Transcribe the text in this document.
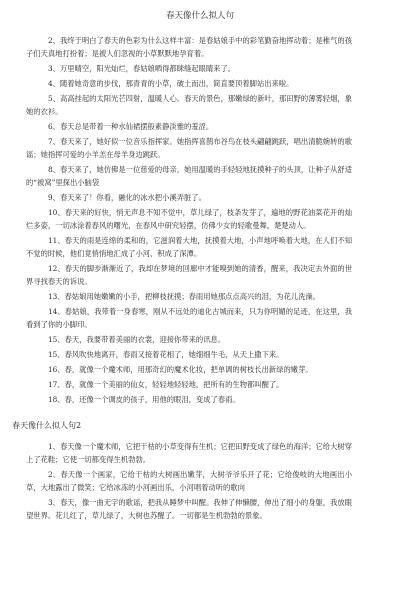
春天像什么拟人句

2、我终于明白了春天的色彩为什么这样丰富：是春姑娘手中的彩笔勤奋地挥动着；是稚气的孩子们天真地打扮着；是被人们忽视的小草默默地孕育着。

3、万里晴空，阳光灿烂，春姑娘哂得都眯缝起眼睛来了。

4、随着她奇意的步伐，那青青的小草，破土而出，简直要顶着脚站出来啦。

5、高高挂起的太阳光芒四射，温暖人心。春天的景色，那嫩绿的新叶，那田野的薄雾轻烟，象她的衣衫。

6、春天总是带着一种水仙裙摆般素静淡雅的羞涩。

7、春天来了，她好似一位音乐指挥家。她指挥喜鹊布谷鸟在枝头翩翩跳跃，唱出清脆婉转的歌谣；她指挥可爱的小羊羔在母羊身边跳跃。

8、春天来了，她仿佛是一位慈爱的母亲，她用温暖的手轻轻地抚摸种子的头顶，让种子从舒适的“被窝”里探出小脑袋

9、春天来了！你看，融化的冰水把小溪弄脏了。

10、春天来的好快，悄无声息不知不觉中，草儿绿了，枝条发芽了，遍地的野花油菜花开的灿烂多姿，一切冰涂着春风的曙光，在春风中研究轻摆，仿佛少女的轻歌曼舞，楚楚动人。

11、春天的雨是连绵的柔和的，它滋润着大地，抚摸着大地，小声地呼唤着大地，在人们不知不觉的时候，他们竟悄悄地汇成了小河，积成了深潭。

12、春天的脚步渐渐近了，我却在梦境的回廊中才能嗅到她的清香，醒来，我决定去外面的世界寻找春天的诉说。

13、春姑娘用她嫩嫩的小手，把柳枝抚摸；春雨用她那点点高兴的泪，为花儿洗澡。

14、春姑娘，我带着一身春寒，刚从不远处的迪化古城而来，只为你明媚的足迹，在这里，我看到了你的小脚印。

15、春天，我要带着美丽的衣裳，迎接你带来的讯息。

15、春风吹快地离开，春雨又接着花相了，她细细牛毛，从天上撒下来。

16、春，就像一个魔术师，用那奇幻的魔术化妆，把单调的树枝长出新绿的嫩芽。

17、春，就像一个美丽的仙女，轻轻地轻轻地，把所有的生物都叫醒了。

18、春，还像一个调皮的孩子，用他的眼泪，变成了春雨。

春天像什么拟人句2

1、春天像一个魔术师，它把干枯的小草变得有生机；它把田野变成了绿色的海洋；它给大树穿上了花鞋；它使一切都变得生机勃勃。

2、春天像一个画家，它给干枯的大树画出嫩芽，大树爷爷乐开了花；它给俊岐的大地画出小草，大地露出了微笑；它给冰冻的小河画出乐，小河唱着动听的歌向

3、春天，像一曲无字的歌谣，把我从睡梦中叫醒。我伸了伸懒腰，伸出了细小的身躯，我放眼望世界。花儿红了，草儿绿了，大树也苏醒了。一切都是生机勃勃的景象。
